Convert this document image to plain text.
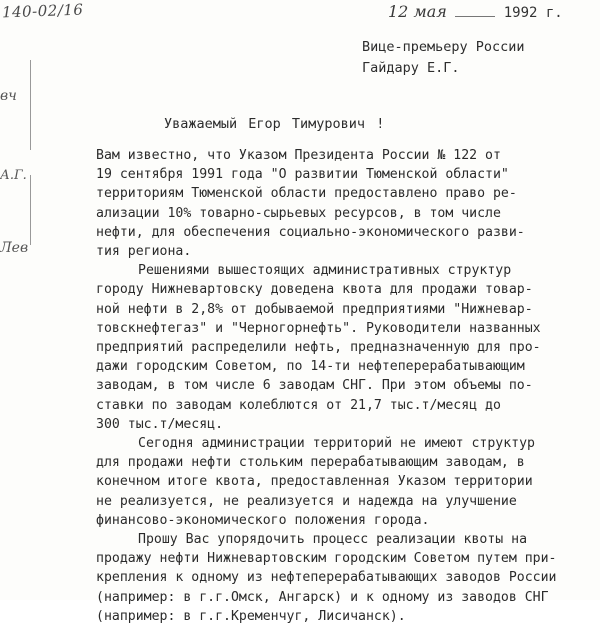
140-02/16
вч
А.Г.
Лев
12 мая	1992 г.
Вице-премьеру России
Гайдару Е.Г.
Уважаемый Егор Тимурович !
Вам известно, что Указом Президента России № 122 от
19 сентября 1991 года "О развитии Тюменской области"
территориям Тюменской области предоставлено право ре-
ализации 10% товарно-сырьевых ресурсов, в том числе
нефти, для обеспечения социально-экономического разви-
тия региона.
Решениями вышестоящих административных структур
городу Нижневартовску доведена квота для продажи товар-
ной нефти в 2,8% от добываемой предприятиями "Нижневар-
товскнефтегаз" и "Черногорнефть". Руководители названных
предприятий распределили нефть, предназначенную для про-
дажи городским Советом, по 14-ти нефтеперерабатывающим
заводам, в том числе 6 заводам СНГ. При этом объемы по-
ставки по заводам колеблются от 21,7 тыс.т/месяц до
300 тыс.т/месяц.
Сегодня администрации территорий не имеют структур
для продажи нефти стольким перерабатывающим заводам, в
конечном итоге квота, предоставленная Указом территории
не реализуется, не реализуется и надежда на улучшение
финансово-экономического положения города.
Прошу Вас упорядочить процесс реализации квоты на
продажу нефти Нижневартовским городским Советом путем при-
крепления к одному из нефтеперерабатывающих заводов России
(например: в г.г.Омск, Ангарск) и к одному из заводов СНГ
(например: в г.г.Кременчуг, Лисичанск).
